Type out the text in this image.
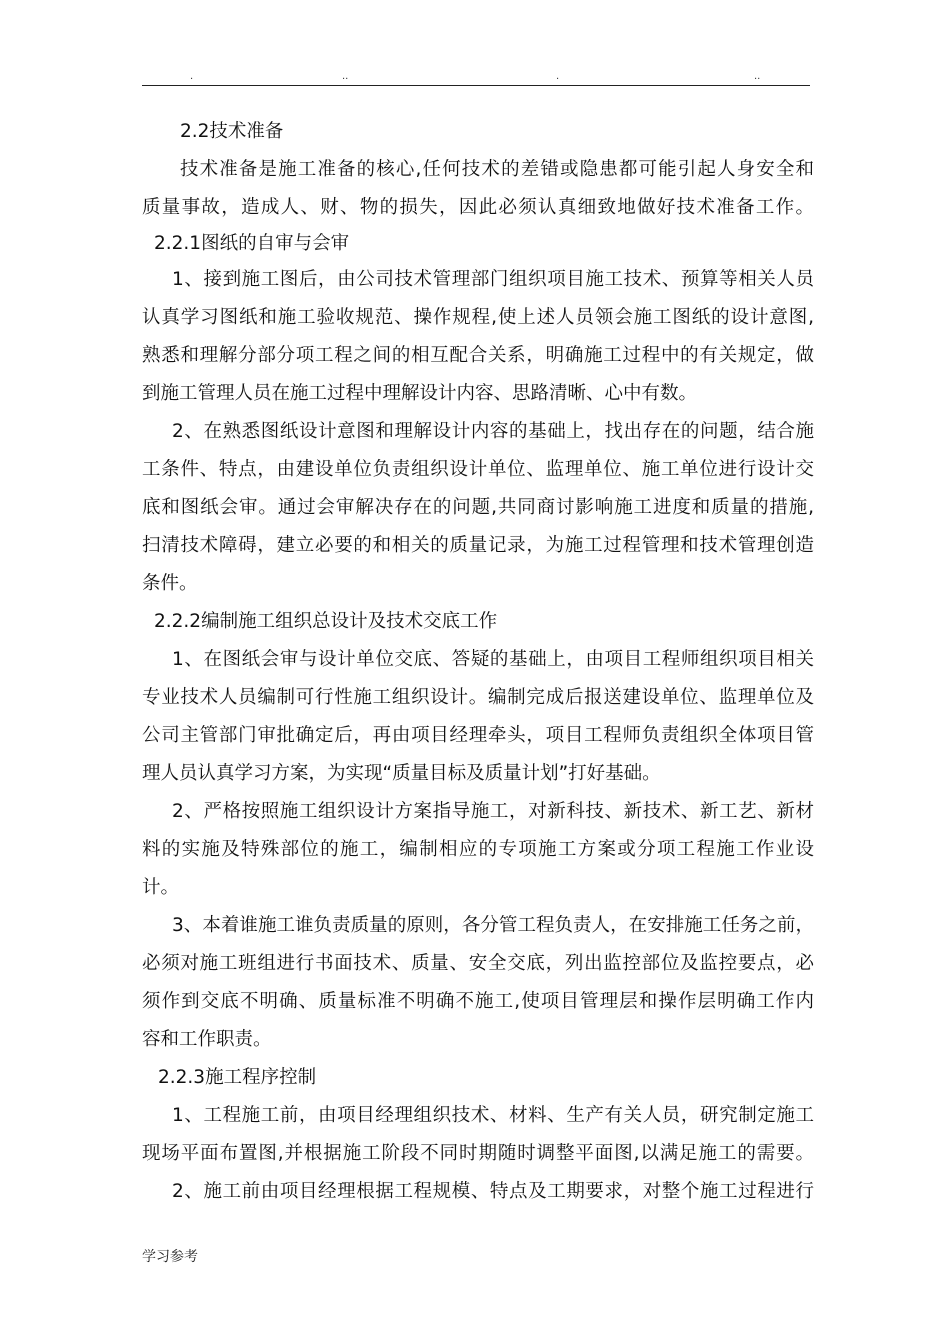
.	..	.	..
2.2技术准备
技术准备是施工准备的核心,任何技术的差错或隐患都可能引起人身安全和
质量事故，造成人、财、物的损失，因此必须认真细致地做好技术准备工作。
2.2.1图纸的自审与会审
1、接到施工图后，由公司技术管理部门组织项目施工技术、预算等相关人员
认真学习图纸和施工验收规范、操作规程,使上述人员领会施工图纸的设计意图,
熟悉和理解分部分项工程之间的相互配合关系，明确施工过程中的有关规定，做
到施工管理人员在施工过程中理解设计内容、思路清晰、心中有数。
2、在熟悉图纸设计意图和理解设计内容的基础上，找出存在的问题，结合施
工条件、特点，由建设单位负责组织设计单位、监理单位、施工单位进行设计交
底和图纸会审。通过会审解决存在的问题,共同商讨影响施工进度和质量的措施,
扫清技术障碍，建立必要的和相关的质量记录，为施工过程管理和技术管理创造
条件。
2.2.2编制施工组织总设计及技术交底工作
1、在图纸会审与设计单位交底、答疑的基础上，由项目工程师组织项目相关
专业技术人员编制可行性施工组织设计。编制完成后报送建设单位、监理单位及
公司主管部门审批确定后，再由项目经理牵头，项目工程师负责组织全体项目管
理人员认真学习方案，为实现“质量目标及质量计划”打好基础。
2、严格按照施工组织设计方案指导施工，对新科技、新技术、新工艺、新材
料的实施及特殊部位的施工，编制相应的专项施工方案或分项工程施工作业设
计。
3、本着谁施工谁负责质量的原则，各分管工程负责人，在安排施工任务之前，
必须对施工班组进行书面技术、质量、安全交底，列出监控部位及监控要点，必
须作到交底不明确、质量标准不明确不施工,使项目管理层和操作层明确工作内
容和工作职责。
2.2.3施工程序控制
1、工程施工前，由项目经理组织技术、材料、生产有关人员，研究制定施工
现场平面布置图,并根据施工阶段不同时期随时调整平面图,以满足施工的需要。
2、施工前由项目经理根据工程规模、特点及工期要求，对整个施工过程进行
学习参考
